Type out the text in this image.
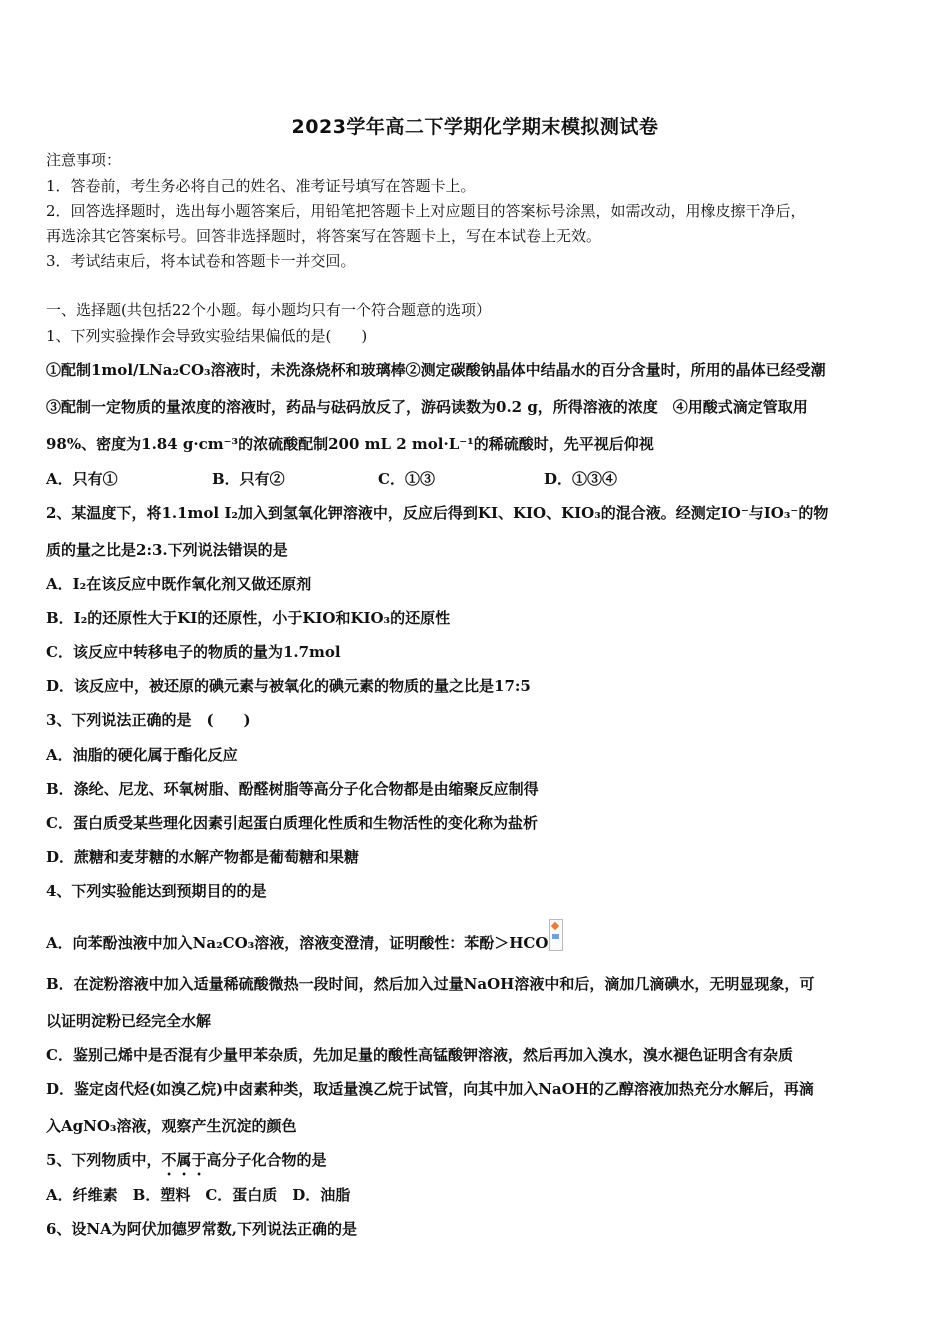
2023学年高二下学期化学期末模拟测试卷
注意事项：
1．答卷前，考生务必将自己的姓名、准考证号填写在答题卡上。
2．回答选择题时，选出每小题答案后，用铅笔把答题卡上对应题目的答案标号涂黑，如需改动，用橡皮擦干净后，
再选涂其它答案标号。回答非选择题时，将答案写在答题卡上，写在本试卷上无效。
3．考试结束后，将本试卷和答题卡一并交回。
一、选择题(共包括22个小题。每小题均只有一个符合题意的选项）
1、下列实验操作会导致实验结果偏低的是(　　)
①配制1mol/LNa₂CO₃溶液时，未洗涤烧杯和玻璃棒②测定碳酸钠晶体中结晶水的百分含量时，所用的晶体已经受潮
③配制一定物质的量浓度的溶液时，药品与砝码放反了，游码读数为0.2 g，所得溶液的浓度　④用酸式滴定管取用
98%、密度为1.84 g·cm⁻³的浓硫酸配制200 mL 2 mol·L⁻¹的稀硫酸时，先平视后仰视
A．只有①	B．只有②	C．①③	D．①③④
2、某温度下，将1.1mol I₂加入到氢氧化钾溶液中，反应后得到KI、KIO、KIO₃的混合液。经测定IO⁻与IO₃⁻的物
质的量之比是2:3.下列说法错误的是
A．I₂在该反应中既作氧化剂又做还原剂
B．I₂的还原性大于KI的还原性，小于KIO和KIO₃的还原性
C．该反应中转移电子的物质的量为1.7mol
D．该反应中，被还原的碘元素与被氧化的碘元素的物质的量之比是17:5
3、下列说法正确的是　(　　)
A．油脂的硬化属于酯化反应
B．涤纶、尼龙、环氧树脂、酚醛树脂等高分子化合物都是由缩聚反应制得
C．蛋白质受某些理化因素引起蛋白质理化性质和生物活性的变化称为盐析
D．蔗糖和麦芽糖的水解产物都是葡萄糖和果糖
4、下列实验能达到预期目的的是
A．向苯酚浊液中加入Na₂CO₃溶液，溶液变澄清，证明酸性：苯酚＞HCO
B．在淀粉溶液中加入适量稀硫酸微热一段时间，然后加入过量NaOH溶液中和后，滴加几滴碘水，无明显现象，可
以证明淀粉已经完全水解
C．鉴别己烯中是否混有少量甲苯杂质，先加足量的酸性高锰酸钾溶液，然后再加入溴水，溴水褪色证明含有杂质
D．鉴定卤代烃(如溴乙烷)中卤素种类，取适量溴乙烷于试管，向其中加入NaOH的乙醇溶液加热充分水解后，再滴
入AgNO₃溶液，观察产生沉淀的颜色
5、下列物质中，不属于高分子化合物的是
A．纤维素　B．塑料　C．蛋白质　D．油脂
6、设NA为阿伏加德罗常数,下列说法正确的是
